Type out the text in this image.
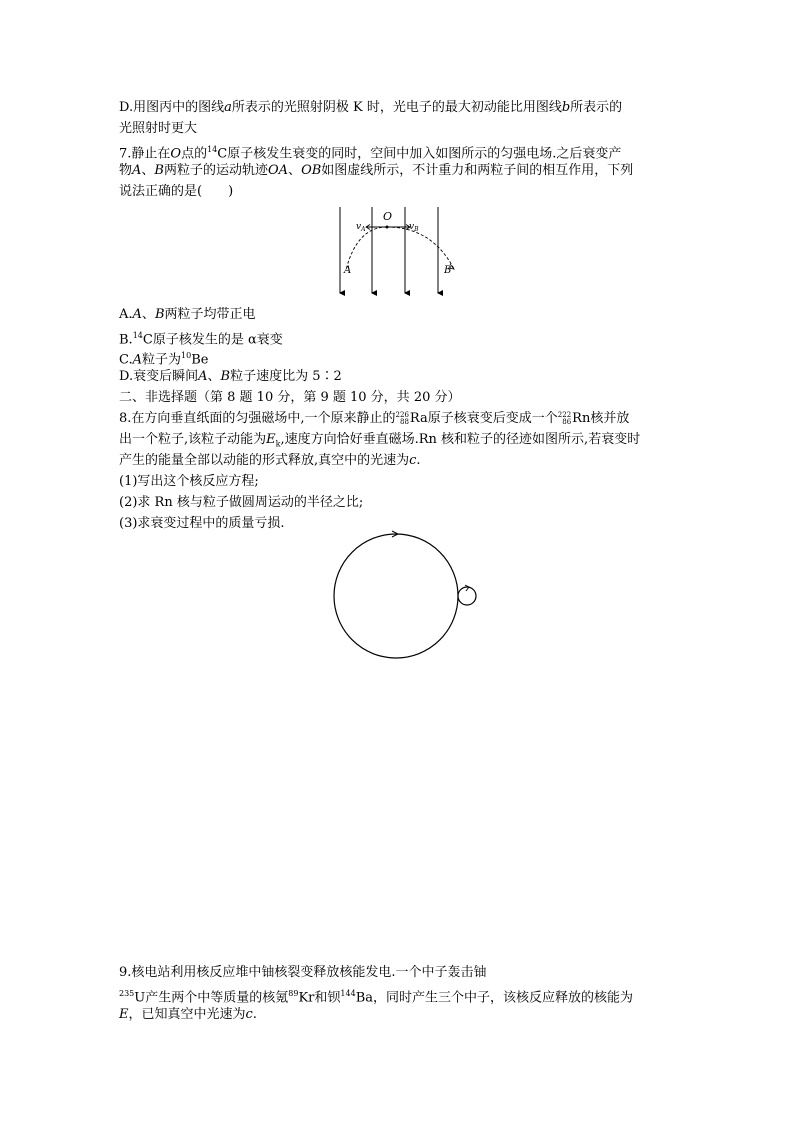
D.用图丙中的图线a所表示的光照射阴极 K 时，光电子的最大初动能比用图线b所表示的
光照射时更大
7.静止在O点的$^{14}$C原子核发生衰变的同时，空间中加入如图所示的匀强电场.之后衰变产
物A、B两粒子的运动轨迹OA、OB如图虚线所示，不计重力和两粒子间的相互作用，下列
说法正确的是(　　)
O
$v_A$	$v_B$
A	B
A.A、B两粒子均带正电
B.$^{14}$C原子核发生的是 α衰变
C.A粒子为$^{10}$Be
D.衰变后瞬间A、B粒子速度比为 5∶2
二、非选择题（第 8 题 10 分，第 9 题 10 分，共 20 分）
8.在方向垂直纸面的匀强磁场中,一个原来静止的 226
88 Ra原子核衰变后变成一个 222
86 Rn核并放
出一个粒子,该粒子动能为$E_k$,速度方向恰好垂直磁场.Rn 核和粒子的径迹如图所示,若衰变时
产生的能量全部以动能的形式释放,真空中的光速为c.
(1)写出这个核反应方程;
(2)求 Rn 核与粒子做圆周运动的半径之比;
(3)求衰变过程中的质量亏损.
9.核电站利用核反应堆中铀核裂变释放核能发电.一个中子轰击铀
$^{235}$U产生两个中等质量的核氪$^{89}$Kr和钡$^{144}$Ba，同时产生三个中子，该核反应释放的核能为
E，已知真空中光速为c.
